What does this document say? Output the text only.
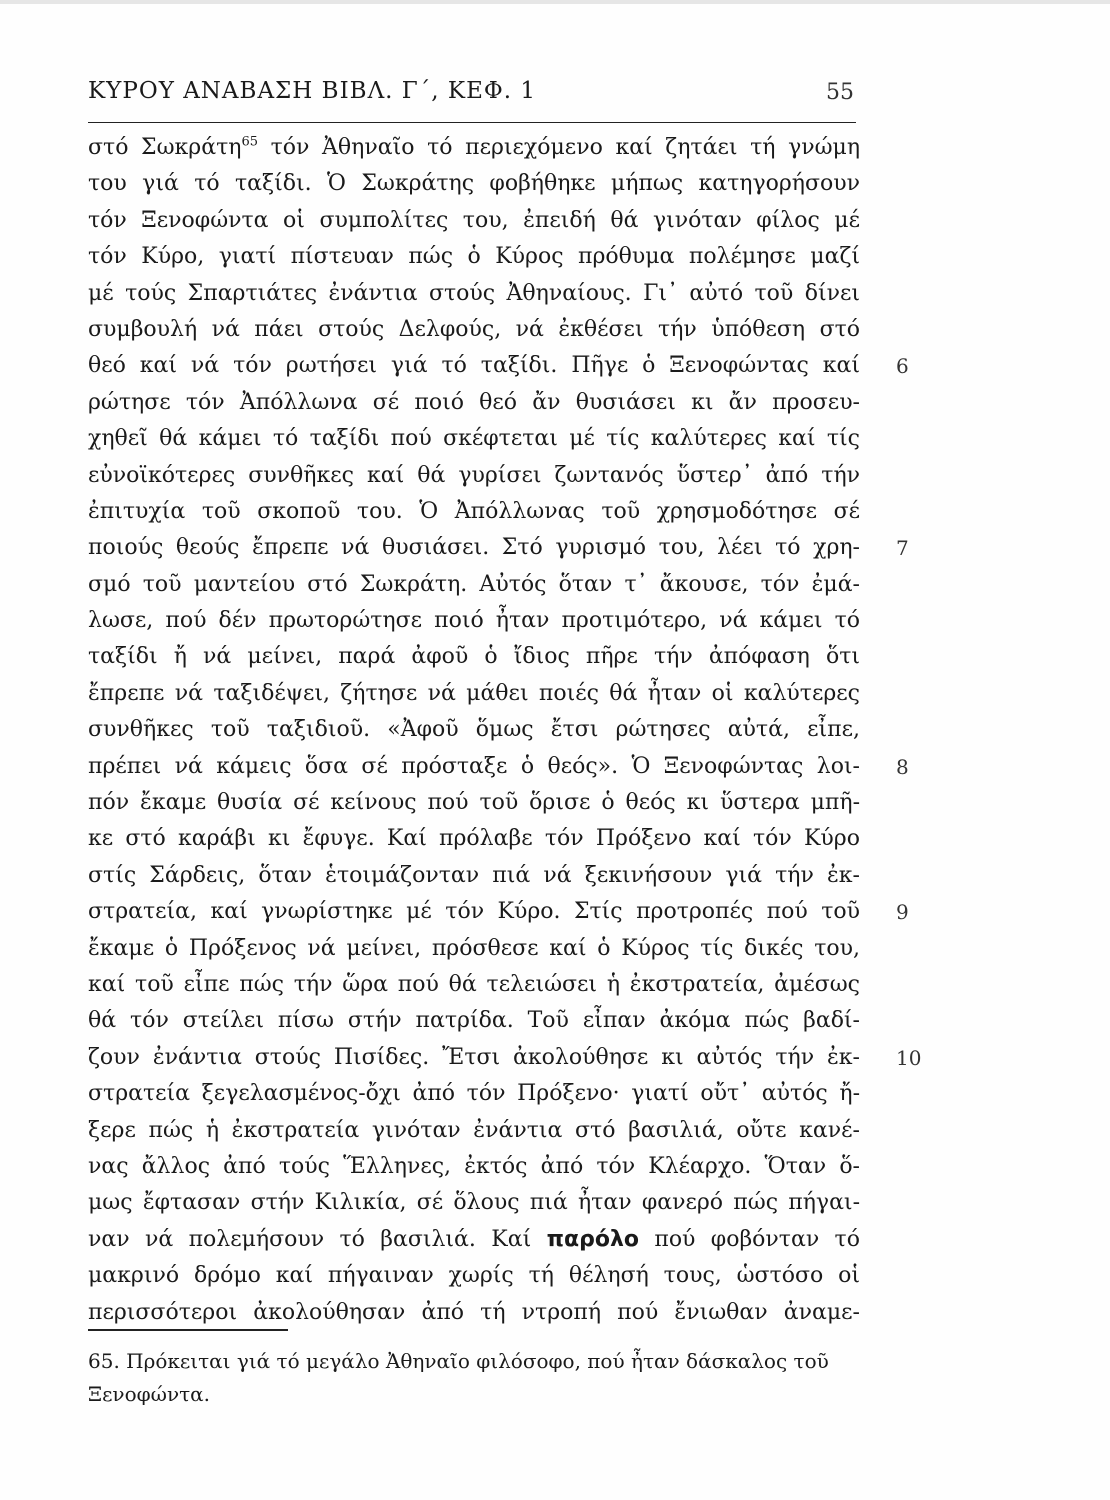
ΚΥΡΟΥ ΑΝΑΒΑΣΗ ΒΙΒΛ. Γ΄, ΚΕΦ. 1	55
στό Σωκράτη$^{65}$ τόν Ἀθηναῖο τό περιεχόμενο καί ζητάει τή γνώμη
του γιά τό ταξίδι. Ὁ Σωκράτης φοβήθηκε μήπως κατηγορήσουν
τόν Ξενοφώντα οἱ συμπολίτες του, ἐπειδή θά γινόταν φίλος μέ
τόν Κύρο, γιατί πίστευαν πώς ὁ Κύρος πρόθυμα πολέμησε μαζί
μέ τούς Σπαρτιάτες ἐνάντια στούς Ἀθηναίους. Γι᾿ αὐτό τοῦ δίνει
συμβουλή νά πάει στούς Δελφούς, νά ἐκθέσει τήν ὑπόθεση στό
θεό καί νά τόν ρωτήσει γιά τό ταξίδι. Πῆγε ὁ Ξενοφώντας καί 6
ρώτησε τόν Ἀπόλλωνα σέ ποιό θεό ἄν θυσιάσει κι ἄν προσευ-
χηθεῖ θά κάμει τό ταξίδι πού σκέφτεται μέ τίς καλύτερες καί τίς
εὐνοϊκότερες συνθῆκες καί θά γυρίσει ζωντανός ὕστερ᾿ ἀπό τήν
ἐπιτυχία τοῦ σκοποῦ του. Ὁ Ἀπόλλωνας τοῦ χρησμοδότησε σέ
ποιούς θεούς ἔπρεπε νά θυσιάσει. Στό γυρισμό του, λέει τό χρη- 7
σμό τοῦ μαντείου στό Σωκράτη. Αὐτός ὅταν τ᾿ ἄκουσε, τόν ἐμά-
λωσε, πού δέν πρωτορώτησε ποιό ἦταν προτιμότερο, νά κάμει τό
ταξίδι ἤ νά μείνει, παρά ἀφοῦ ὁ ἴδιος πῆρε τήν ἀπόφαση ὅτι
ἔπρεπε νά ταξιδέψει, ζήτησε νά μάθει ποιές θά ἦταν οἱ καλύτερες
συνθῆκες τοῦ ταξιδιοῦ. «Ἀφοῦ ὅμως ἔτσι ρώτησες αὐτά, εἶπε,
πρέπει νά κάμεις ὅσα σέ πρόσταξε ὁ θεός». Ὁ Ξενοφώντας λοι- 8
πόν ἔκαμε θυσία σέ κείνους πού τοῦ ὅρισε ὁ θεός κι ὕστερα μπῆ-
κε στό καράβι κι ἔφυγε. Καί πρόλαβε τόν Πρόξενο καί τόν Κύρο
στίς Σάρδεις, ὅταν ἑτοιμάζονταν πιά νά ξεκινήσουν γιά τήν ἐκ-
στρατεία, καί γνωρίστηκε μέ τόν Κύρο. Στίς προτροπές πού τοῦ 9
ἔκαμε ὁ Πρόξενος νά μείνει, πρόσθεσε καί ὁ Κύρος τίς δικές του,
καί τοῦ εἶπε πώς τήν ὥρα πού θά τελειώσει ἡ ἐκστρατεία, ἀμέσως
θά τόν στείλει πίσω στήν πατρίδα. Τοῦ εἶπαν ἀκόμα πώς βαδί-
ζουν ἐνάντια στούς Πισίδες. Ἔτσι ἀκολούθησε κι αὐτός τήν ἐκ- 10
στρατεία ξεγελασμένος-ὄχι ἀπό τόν Πρόξενο· γιατί οὔτ᾿ αὐτός ἤ-
ξερε πώς ἡ ἐκστρατεία γινόταν ἐνάντια στό βασιλιά, οὔτε κανέ-
νας ἄλλος ἀπό τούς Ἕλληνες, ἐκτός ἀπό τόν Κλέαρχο. Ὅταν ὅ-
μως ἔφτασαν στήν Κιλικία, σέ ὅλους πιά ἦταν φανερό πώς πήγαι-
ναν νά πολεμήσουν τό βασιλιά. Καί παρόλο πού φοβόνταν τό
μακρινό δρόμο καί πήγαιναν χωρίς τή θέλησή τους, ὡστόσο οἱ
περισσότεροι ἀκολούθησαν ἀπό τή ντροπή πού ἔνιωθαν ἀναμε-
65. Πρόκειται γιά τό μεγάλο Ἀθηναῖο φιλόσοφο, πού ἦταν δάσκαλος τοῦ
Ξενοφώντα.
